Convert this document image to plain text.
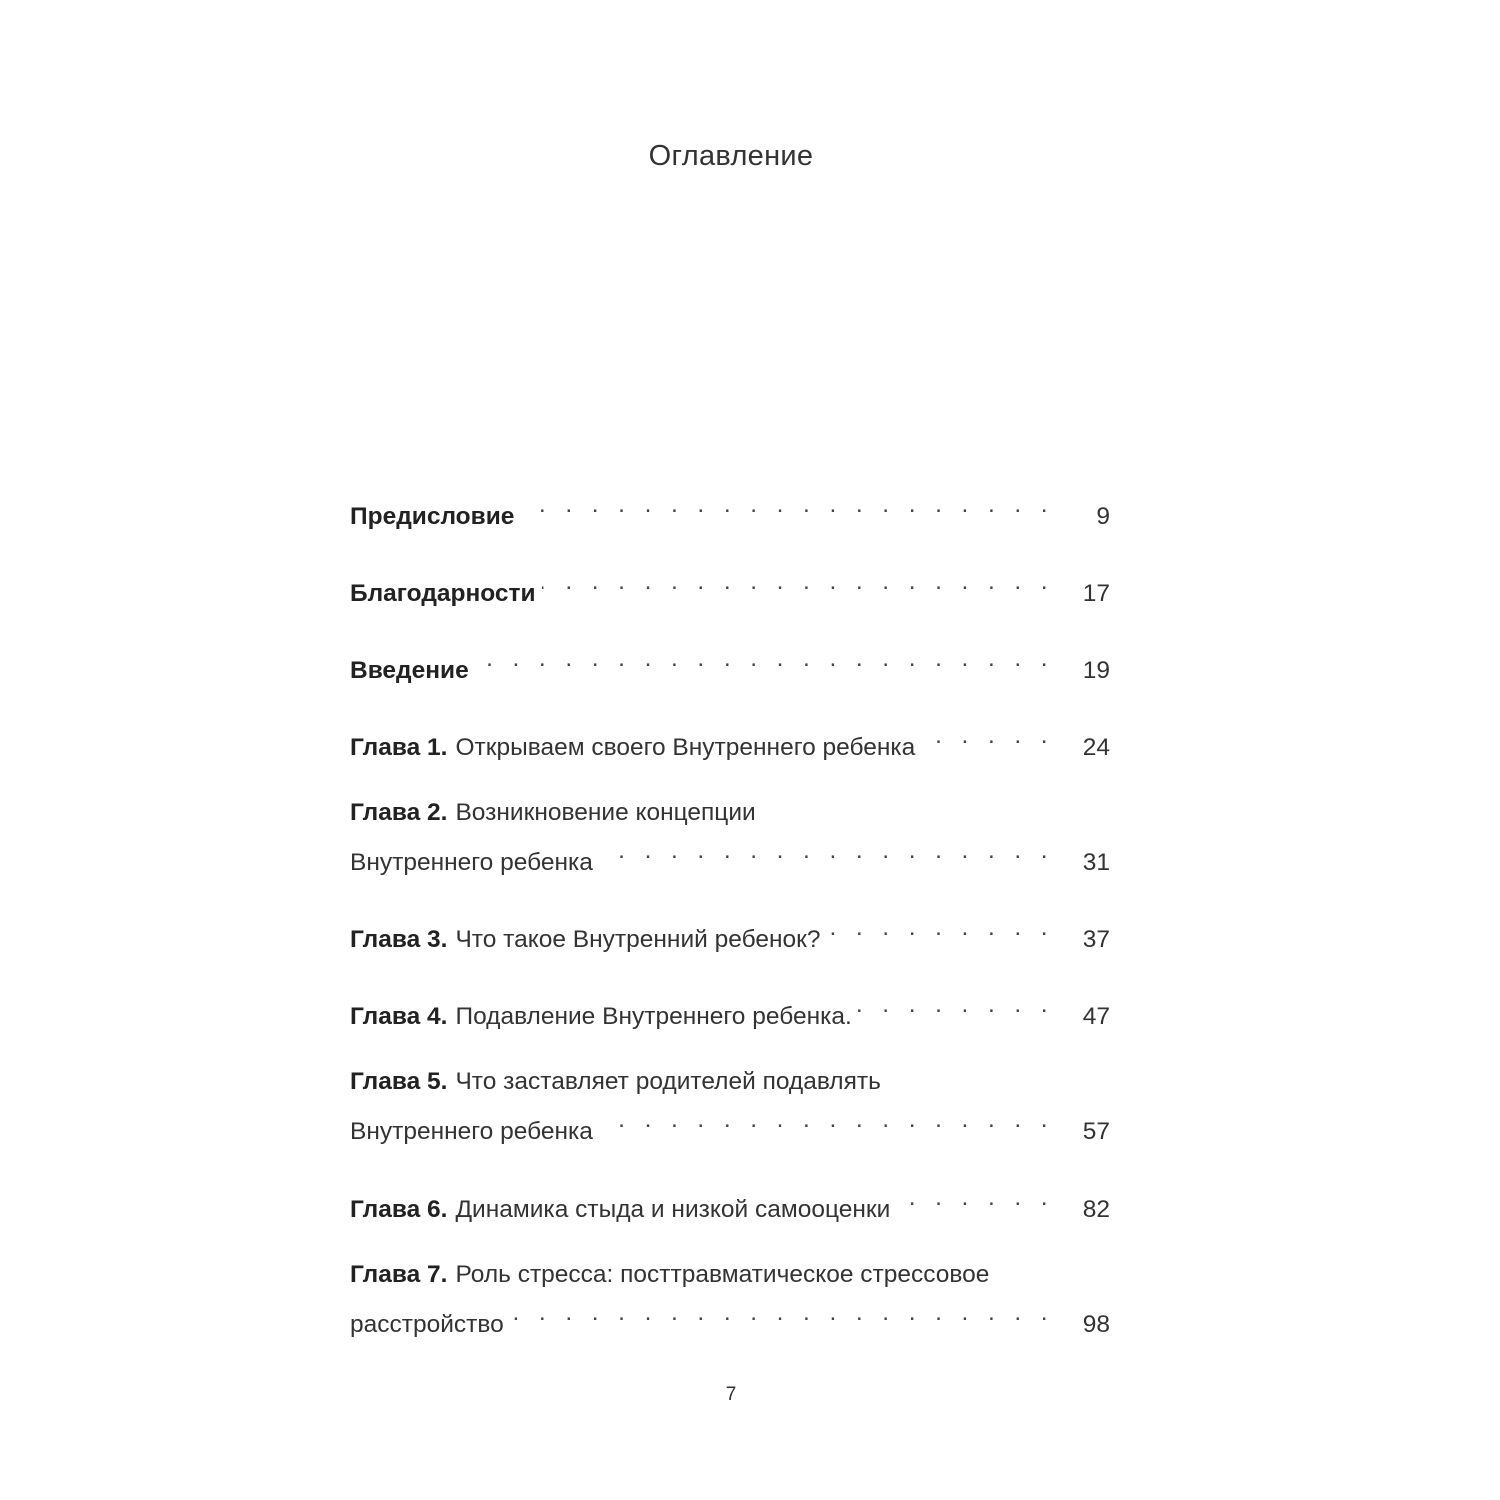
Оглавление
Предисловие . . .	9
Благодарности . . .	17
Введение . . .	19
Глава 1. Открываем своего Внутреннего ребенка . . .	24
Глава 2. Возникновение концепции
Внутреннего ребенка . . .	31
Глава 3. Что такое Внутренний ребенок? . . .	37
Глава 4. Подавление Внутреннего ребенка. . . .	47
Глава 5. Что заставляет родителей подавлять
Внутреннего ребенка . . .	57
Глава 6. Динамика стыда и низкой самооценки . . .	82
Глава 7. Роль стресса: посттравматическое стрессовое
расстройство . . .	98
7
